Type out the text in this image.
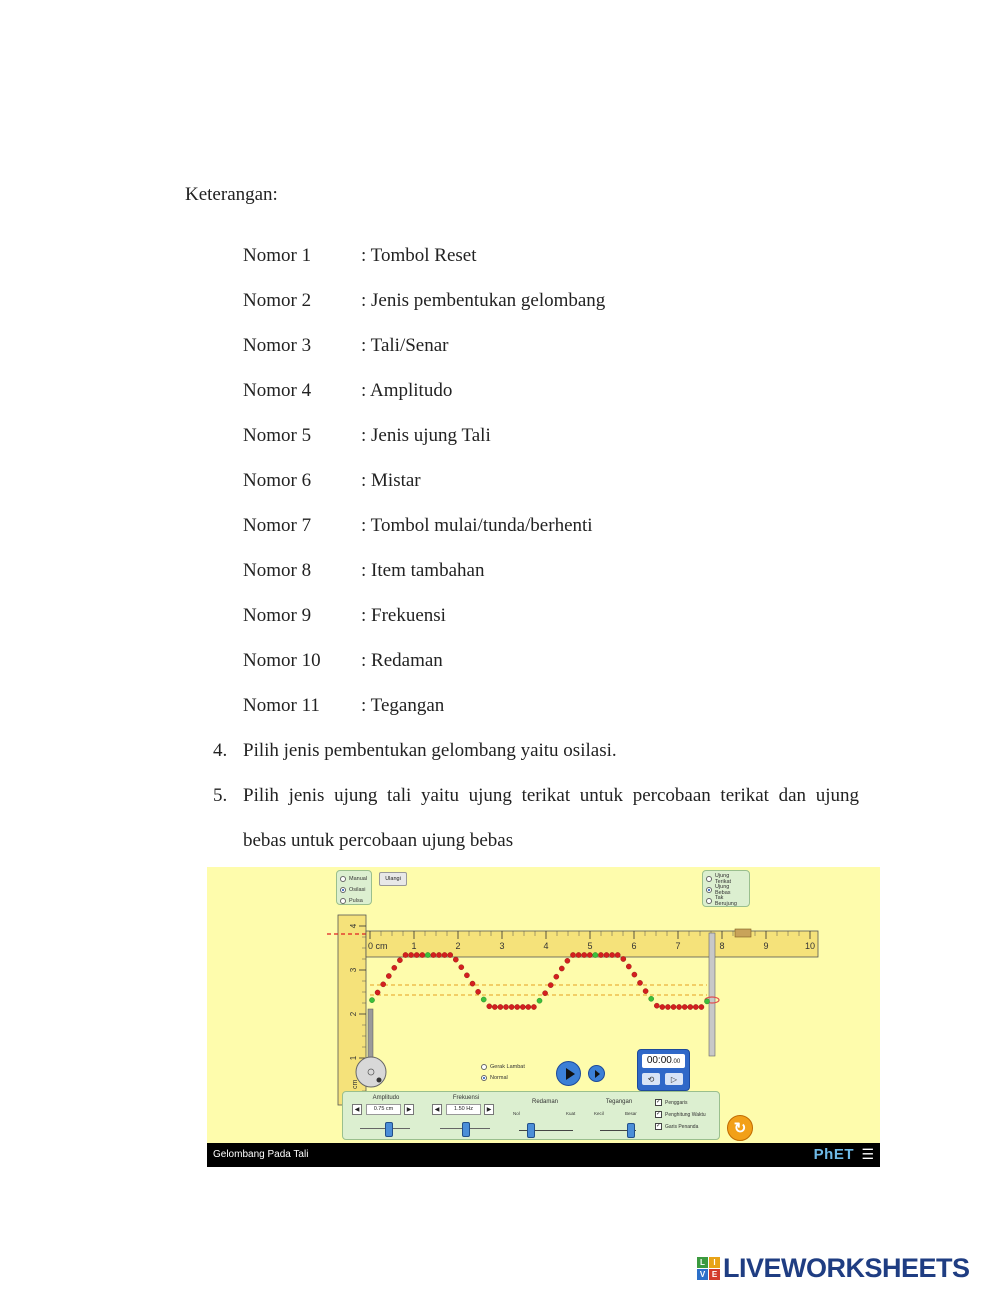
Keterangan:
Nomor 1	: Tombol Reset
Nomor 2	: Jenis pembentukan gelombang
Nomor 3	: Tali/Senar
Nomor 4	: Amplitudo
Nomor 5	: Jenis ujung Tali
Nomor 6	: Mistar
Nomor 7	: Tombol mulai/tunda/berhenti
Nomor 8	: Item tambahan
Nomor 9	: Frekuensi
Nomor 10 : Redaman
Nomor 11 : Tegangan
4. Pilih jenis pembentukan gelombang yaitu osilasi.
5. Pilih jenis ujung tali yaitu ujung terikat untuk percobaan terikat dan ujung
bebas untuk percobaan ujung bebas
4
3
2
1
cm
0 cm	1	2	3	4	5	6	7	8	9	10
Manual
Osilasi
Pulsa
Ulangi
Ujung Terikat
Ujung Bebas
Tak Berujung
Gerak Lambat
Normal
00:00.00
⟲	▷
Amplitudo
◀	0.75 cm	▶
Frekuensi
◀	1.50 Hz	▶
Redaman
Nol	Kuat
Tegangan
Kecil	Besar
✓ Penggaris
✓ Penghitung Waktu
✓ Garis Penanda ↻
Gelombang Pada Tali	PhET ☰
L	I
V E LIVEWORKSHEETS
